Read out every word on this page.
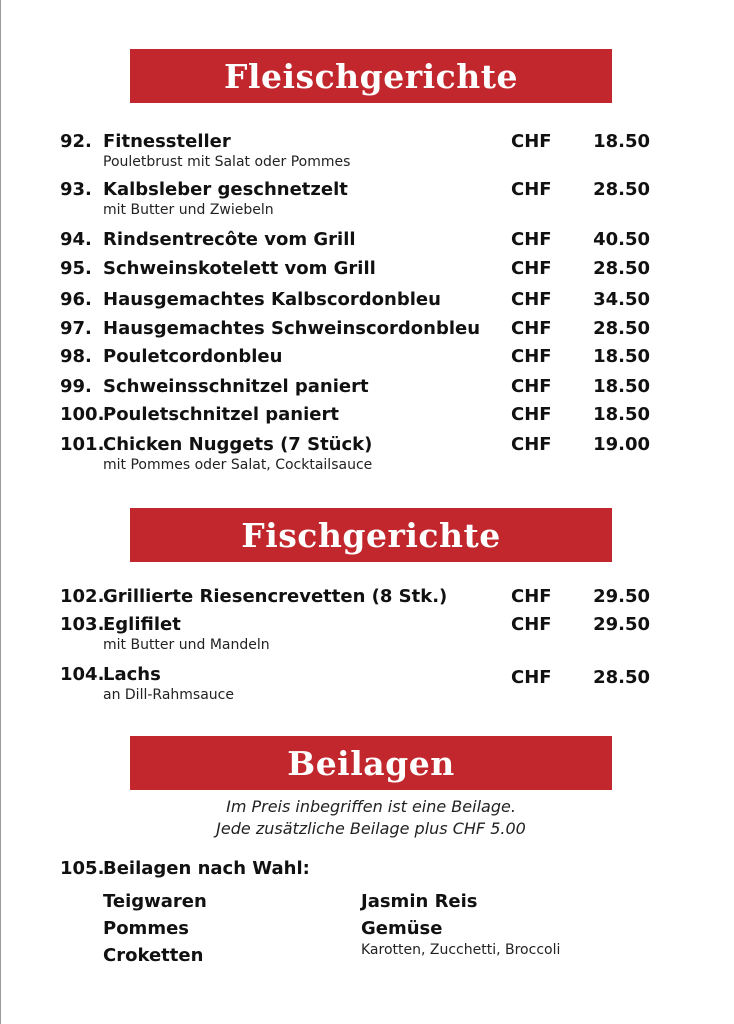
Fleischgerichte
92. Fitnessteller
Pouletbrust mit Salat oder Pommes
CHF	18.50
93. Kalbsleber geschnetzelt
mit Butter und Zwiebeln
CHF	28.50
94. Rindsentrecôte vom Grill	CHF	40.50
95. Schweinskotelett vom Grill	CHF	28.50
96. Hausgemachtes Kalbscordonbleu	CHF	34.50
97. Hausgemachtes Schweinscordonbleu CHF	28.50
98. Pouletcordonbleu	CHF	18.50
99. Schweinsschnitzel paniert	CHF	18.50
100.
Pouletschnitzel paniert	CHF	18.50
101.
Chicken Nuggets (7 Stück)
mit Pommes oder Salat, Cocktailsauce
CHF	19.00
Fischgerichte
102.
Grillierte Riesencrevetten (8 Stk.)	CHF	29.50
103.
Eglifilet
mit Butter und Mandeln
CHF	29.50
104.
Lachs
an Dill-Rahmsauce
CHF	28.50
Beilagen
Im Preis inbegriffen ist eine Beilage.
Jede zusätzliche Beilage plus CHF 5.00
105.
Beilagen nach Wahl:
Teigwaren
Pommes
Croketten
Jasmin Reis
Gemüse
Karotten, Zucchetti, Broccoli
